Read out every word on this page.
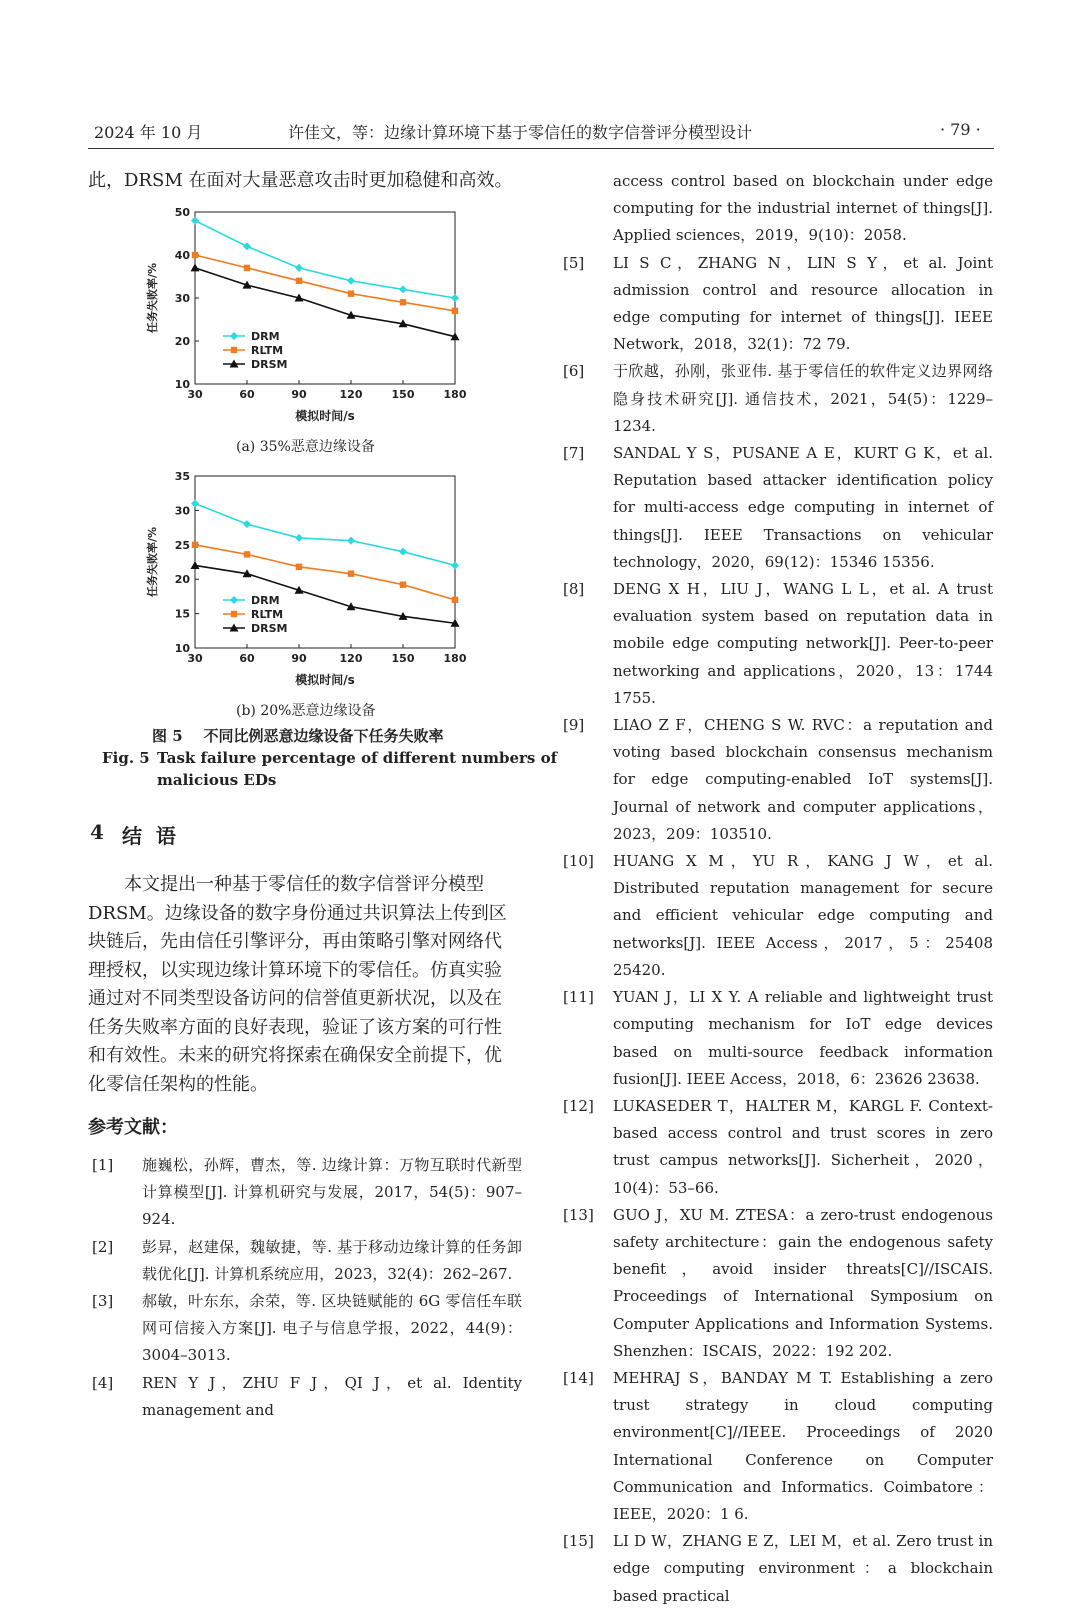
2024 年 10 月	许佳文，等：边缘计算环境下基于零信任的数字信誉评分模型设计	· 79 ·
此，DRSM 在面对大量恶意攻击时更加稳健和高效。
30	60	90	120	150	180
10
20
30
40
50
模拟时间/s
任务失败率/%
DRM
RLTM
DRSM
(a) 35%恶意边缘设备
30	60	90	120	150	180
10
15
20
25
30
35
模拟时间/s
任务失败率/%
DRM
RLTM
DRSM
(b) 20%恶意边缘设备
图 5    不同比例恶意边缘设备下任务失败率
Fig. 5 Task failure percentage of different numbers of
malicious EDs
4 结  语
本文提出一种基于零信任的数字信誉评分模型
DRSM。边缘设备的数字身份通过共识算法上传到区
块链后，先由信任引擎评分，再由策略引擎对网络代
理授权，以实现边缘计算环境下的零信任。仿真实验
通过对不同类型设备访问的信誉值更新状况，以及在
任务失败率方面的良好表现，验证了该方案的可行性
和有效性。未来的研究将探索在确保安全前提下，优
化零信任架构的性能。
参考文献：
[1]	施巍松，孙辉，曹杰，等. 边缘计算：万物互联时代新型计算模型[J]. 计算机研究与发展，2017，54(5)：907–924.
[2]	彭昇，赵建保，魏敏捷，等. 基于移动边缘计算的任务卸载优化[J]. 计算机系统应用，2023，32(4)：262–267.
[3]	郝敏，叶东东，余荣，等. 区块链赋能的 6G 零信任车联网可信接入方案[J]. 电子与信息学报，2022，44(9)：3004–3013.
[4]	REN Y J，ZHU F J，QI J，et al. Identity management and
access control based on blockchain under edge computing for the industrial internet of things[J]. Applied sciences，2019，9(10)：2058.
[5]	LI S C，ZHANG N，LIN S Y，et al. Joint admission control and resource allocation in edge computing for internet of things[J]. IEEE Network，2018，32(1)：72 79.
[6]	于欣越，孙刚，张亚伟. 基于零信任的软件定义边界网络隐身技术研究[J]. 通信技术，2021，54(5)：1229–1234.
[7]	SANDAL Y S，PUSANE A E，KURT G K，et al. Reputation based attacker identification policy for multi-access edge computing in internet of things[J]. IEEE Transactions on vehicular technology，2020，69(12)：15346 15356.
[8]	DENG X H，LIU J，WANG L L，et al. A trust evaluation system based on reputation data in mobile edge computing network[J]. Peer-to-peer networking and applications，2020，13：1744 1755.
[9]	LIAO Z F，CHENG S W. RVC：a reputation and voting based blockchain consensus mechanism for edge computing-enabled IoT systems[J]. Journal of network and computer applications，2023，209：103510.
[10]	HUANG X M，YU R，KANG J W，et al. Distributed reputation management for secure and efficient vehicular edge computing and networks[J]. IEEE Access，2017，5：25408 25420.
[11]	YUAN J，LI X Y. A reliable and lightweight trust computing mechanism for IoT edge devices based on multi-source feedback information fusion[J]. IEEE Access，2018，6：23626 23638.
[12]	LUKASEDER T，HALTER M，KARGL F. Context-based access control and trust scores in zero trust campus networks[J]. Sicherheit，2020，10(4)：53–66.
[13]	GUO J，XU M. ZTESA：a zero-trust endogenous safety architecture：gain the endogenous safety benefit，avoid insider threats[C]//ISCAIS. Proceedings of International Symposium on Computer Applications and Information Systems. Shenzhen：ISCAIS，2022：192 202.
[14]	MEHRAJ S，BANDAY M T. Establishing a zero trust strategy in cloud computing environment[C]//IEEE. Proceedings of 2020 International Conference on Computer Communication and Informatics. Coimbatore：IEEE，2020：1 6.
[15]	LI D W，ZHANG E Z，LEI M，et al. Zero trust in edge computing environment：a blockchain based practical
